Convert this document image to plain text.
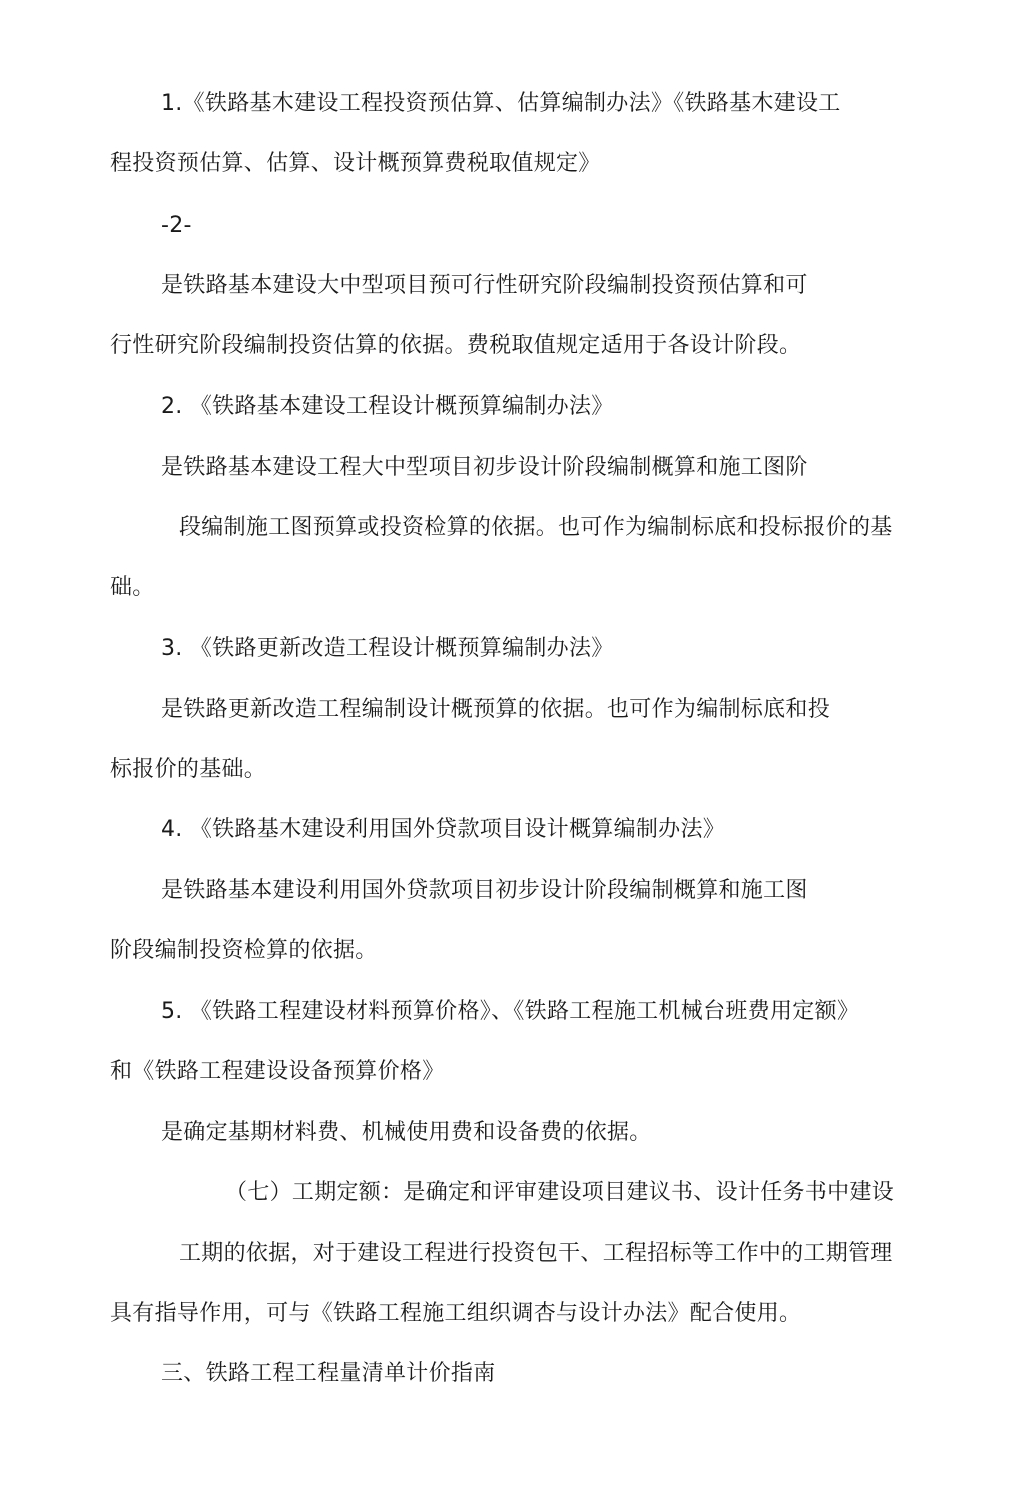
1.《铁路基木建设工程投资预估算、估算编制办法》《铁路基木建设工
程投资预估算、估算、设计概预算费税取值规定》
-2-
是铁路基本建设大中型项目预可行性研究阶段编制投资预估算和可
行性研究阶段编制投资估算的依据。费税取值规定适用于各设计阶段。
2. 《铁路基本建设工程设计概预算编制办法》
是铁路基本建设工程大中型项目初步设计阶段编制概算和施工图阶
段编制施工图预算或投资检算的依据。也可作为编制标底和投标报价的基
础。
3. 《铁路更新改造工程设计概预算编制办法》
是铁路更新改造工程编制设计概预算的依据。也可作为编制标底和投
标报价的基础。
4. 《铁路基木建设利用国外贷款项目设计概算编制办法》
是铁路基本建设利用国外贷款项目初步设计阶段编制概算和施工图
阶段编制投资检算的依据。
5. 《铁路工程建设材料预算价格》、《铁路工程施工机械台班费用定额》
和《铁路工程建设设备预算价格》
是确定基期材料费、机械使用费和设备费的依据。
（七）工期定额：是确定和评审建设项目建议书、设计任务书中建设
工期的依据，对于建设工程进行投资包干、工程招标等工作中的工期管理
具有指导作用，可与《铁路工程施工组织调杏与设计办法》配合使用。
三、铁路工程工程量清单计价指南
